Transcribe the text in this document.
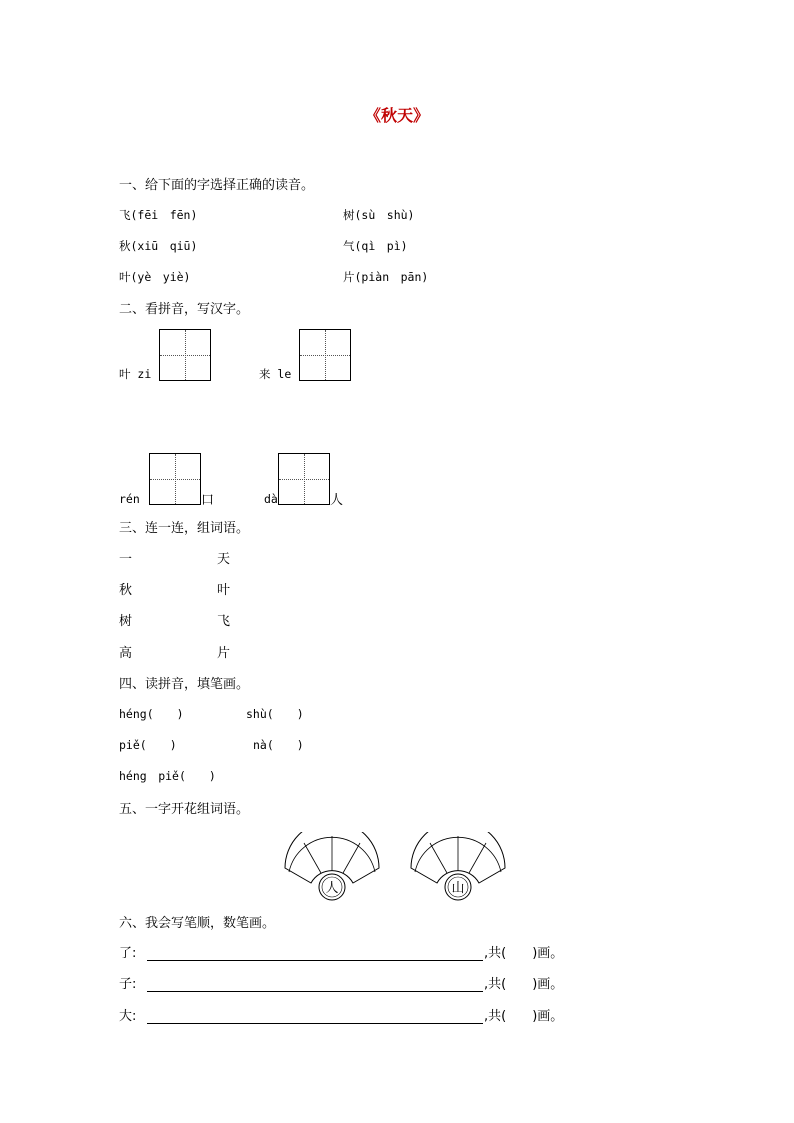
《秋天》
一、给下面的字选择正确的读音。
飞(fēi　fēn)	树(sù　shù)
秋(xiū　qiū)	气(qì　pì)
叶(yè　yiè)	片(piàn　pān)
二、看拼音，写汉字。
叶 zi	来 le
rén	口	dà	人
三、连一连，组词语。
一	天
秋	叶
树	飞
高	片
四、读拼音，填笔画。
héng(　　)	shù(　　)
piě(　　)	nà(　　)
héng　piě(　　)
五、一字开花组词语。
人	山
六、我会写笔顺，数笔画。
了:	,共(　　)画。
子:	,共(　　)画。
大:	,共(　　)画。
